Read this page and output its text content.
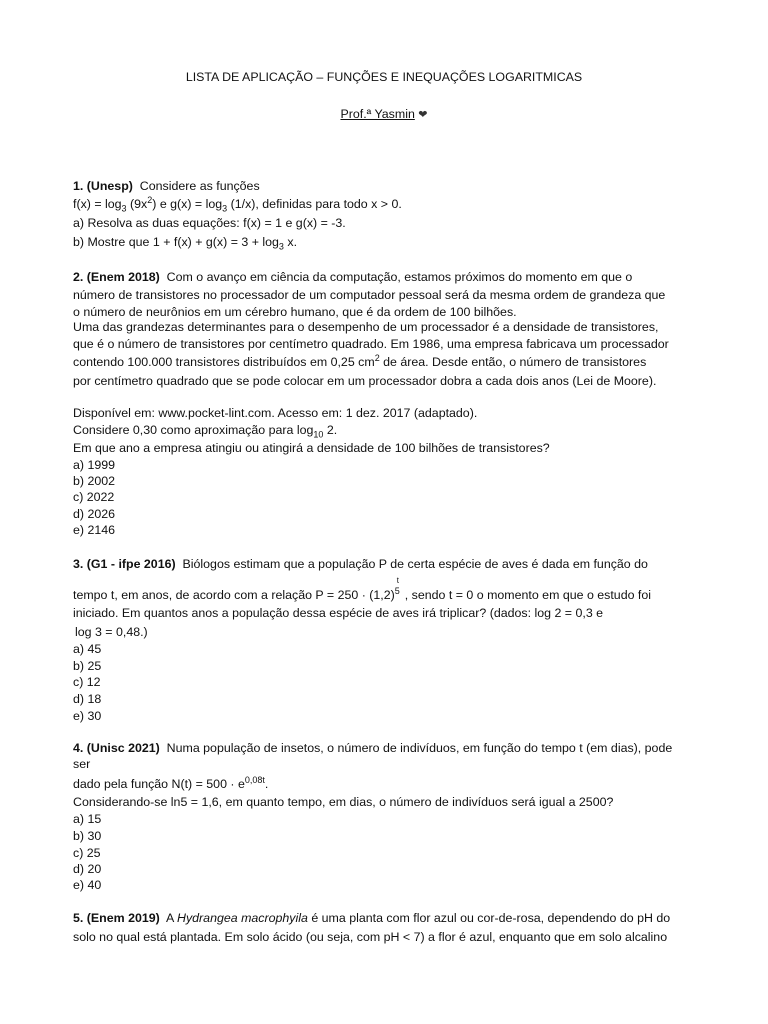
LISTA DE APLICAÇÃO – FUNÇÕES E INEQUAÇÕES LOGARITMICAS
Prof.ª Yasmin ❤
1. (Unesp) Considere as funções
$f(x) = \log_3 (9x^2)$ e $g(x) = \log_3 (1/x)$, definidas para todo x > 0.
a) Resolva as duas equações: f(x) = 1 e g(x) = -3.
b) Mostre que $1 + f(x) + g(x) = 3 + \log_3 x$.
2. (Enem 2018) Com o avanço em ciência da computação, estamos próximos do momento em que o
número de transistores no processador de um computador pessoal será da mesma ordem de grandeza que
o número de neurônios em um cérebro humano, que é da ordem de 100 bilhões.
Uma das grandezas determinantes para o desempenho de um processador é a densidade de transistores,
que é o número de transistores por centímetro quadrado. Em 1986, uma empresa fabricava um processador
contendo 100.000 transistores distribuídos em 0,25 $cm^2$ de área. Desde então, o número de transistores
por centímetro quadrado que se pode colocar em um processador dobra a cada dois anos (Lei de Moore).
Disponível em: www.pocket-lint.com. Acesso em: 1 dez. 2017 (adaptado).
Considere 0,30 como aproximação para $\log_{10} 2$.
Em que ano a empresa atingiu ou atingirá a densidade de 100 bilhões de transistores?
a) 1999
b) 2002
c) 2022
d) 2026
e) 2146
3. (G1 - ifpe 2016) Biólogos estimam que a população P de certa espécie de aves é dada em função do
tempo t, em anos, de acordo com a relação P = 250 · (1,2)
t
$^5$ , sendo t = 0 o momento em que o estudo foi
iniciado. Em quantos anos a população dessa espécie de aves irá triplicar? (dados: log 2 = 0,3 e
log 3 = 0,48.)
a) 45
b) 25
c) 12
d) 18
e) 30
4. (Unisc 2021) Numa população de insetos, o número de indivíduos, em função do tempo t (em dias), pode
ser
dado pela função $N(t) = 500 \cdot e^{0,08t}$.
Considerando-se ln5 = 1,6, em quanto tempo, em dias, o número de indivíduos será igual a 2500?
a) 15
b) 30
c) 25
d) 20
e) 40
5. (Enem 2019) A Hydrangea macrophyila é uma planta com flor azul ou cor-de-rosa, dependendo do pH do
solo no qual está plantada. Em solo ácido (ou seja, com pH < 7) a flor é azul, enquanto que em solo alcalino
